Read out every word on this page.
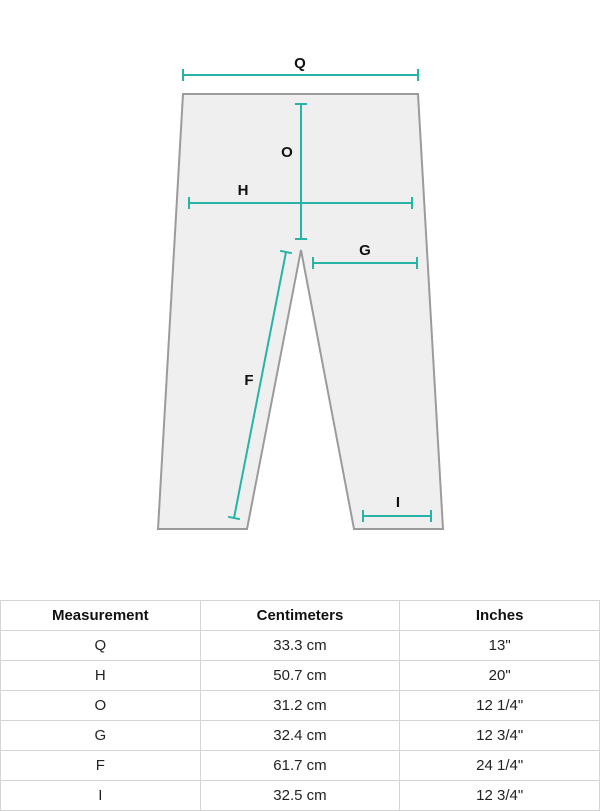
Q
O
H
G
F
I
Measurement	Centimeters	Inches
Q	33.3 cm	13"
H	50.7 cm	20"
O	31.2 cm	12 1/4"
G	32.4 cm	12 3/4"
F	61.7 cm	24 1/4"
I	32.5 cm	12 3/4"
